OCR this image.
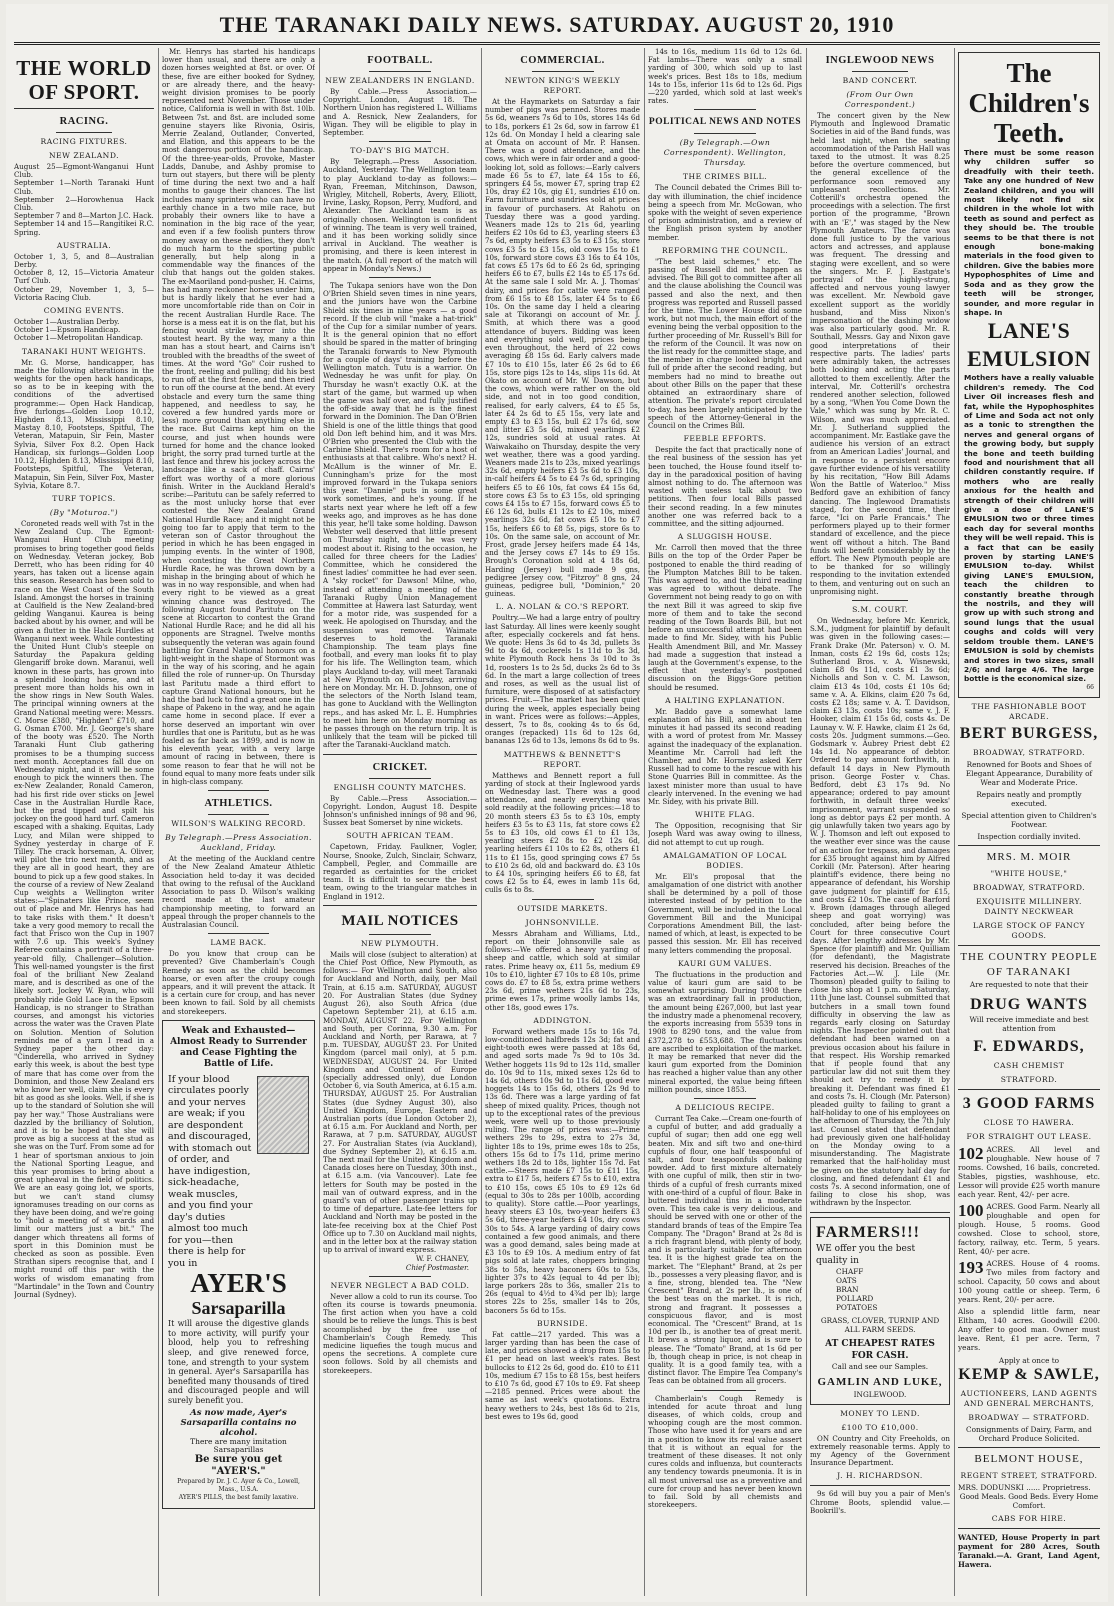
THE TARANAKI DAILY NEWS. SATURDAY. AUGUST 20, 1910
THE WORLD OF SPORT.
RACING.
RACING FIXTURES.
NEW ZEALAND.
August 25—Egmont-Wanganui Hunt Club.
September 1—North Taranaki Hunt Club.
September 2—Horowhenua Hack Club.
September 7 and 8—Marton J.C. Hack.
September 14 and 15—Rangitikei R.C. Spring.
AUSTRALIA.
October 1, 3, 5, and 8—Australian Derby.
October 8, 12, 15—Victoria Amateur Turf Club.
October 29, November 1, 3, 5—Victoria Racing Club.
COMING EVENTS.
October 1—Australian Derby.
October 1—Epsom Handicap.
October 1—Metropolitan Handicap.
TARANAKI HUNT WEIGHTS.

Mr. G. Morse, handicapper, has made the following alterations in the weights for the open hack handicaps, so as to be in keeping with the conditions of the advertised programme:— Open Hack Handicap, five furlongs—Golden Loop 10.12, Highden 8.13, Mississippi 8.10, Mastay 8.10, Footsteps, Spitful, The Veteran, Matapuin, Sir Fein, Master Sylvia, Silver Fox 8.2. Open Hack Handicap, six furlongs—Golden Loop 10.12, Highden 8.13, Mississippi 8.10, Footsteps, Spitful, The Veteran, Matapuin, Sin Fein, Silver Fox, Master Sylvia, Kotare 8.7.

TURF TOPICS.
(By "Moturoa.")

Coroneted reads well with 7st in the New Zealand Cup. The Egmont-Wanganui Hunt Club meeting promises to bring together good fields on Wednesday. Veteran jockey, Bob Derrett, who has been riding for 40 years, has taken out a license again this season. Research has been sold to race on the West Coast of the South Island. Amongst the horses in training at Caulfield is the New Zealand-bred gelding Wanganui. Kaurea is being backed about by his owner, and will be given a flutter in the Hack Hurdles at Wanganui next week. While contesting the United Hunt Club's steeple on Saturday the Papakura gelding Glengariff broke down. Maranui, well known in these parts, has grown into a splendid looking horse, and at present more than holds his own in the show rings in New South Wales. The principal winning owners at the Grand National meeting were: Messrs. C. Morse £380, "Highden" £710, and G. Osman £700. Mr. J. George's share of the booty was £520. The North Taranaki Hunt Club gathering promises to be a thumping success next month. Acceptances fall due on Wednesday night, and it will be some enough to pick the winners then. The ex-New Zealander, Ronald Cameron, had his first ride over sticks on Jewel Case in the Australian Hurdle Race, but the prad tipped and spilt his jockey on the good hard turf. Cameron escaped with a shaking. Equitas, Lady Lucy, and Milan were shipped to Sydney yesterday in charge of F. Tilley. The crack horseman, A. Oliver, will pilot the trio next month, and as they are all in good heart, they are bound to pick up a few good stakes. In the course of a review of New Zealand Cup weights a Wellington writer states:—"Spinaters like Prince, seem out of place and Mr. Henrys has had to take risks with them." It doesn't take a very good memory to recall the fact that Frisco won the Cup in 1907 with 7.6 up. This week's Sydney Referee contains a portrait of a three-year-old filly, Challenger—Solution. This well-named youngster is the first foal of the brilliant New Zealand mare, and is described as one of the likely sort. Jockey W. Ryan, who will probably ride Gold Lace in the Epsom Handicap, is no stranger to Strathan courses, and amongst his victories across the water was the Craven Plate on Solution. Mention of Solution reminds me of a yarn I read in a Sydney paper the other day: "Cinderella, who arrived in Sydney early this week, is about the best type of mare that has come over from the Dominion, and those New Zealand ers who know her well, claim she is every bit as good as she looks. Well, if she is up to the standard of Solution she will pay her way." Those Australians were dazzled by the brilliancy of Solution, and it is to be hoped that she will prove as big a success at the stud as she was on the Turf. From some ad for 1 hear of sportsman anxious to join the National Sporting League, and this year promises to bring about a great upheaval in the field of politics. We are an easy going lot, we sports, but we can't stand clumsy ignoramuses treading on our corns as they have been doing, and we're going to "hold a meeting of st wards and limit our matters just a bit." The danger which threatens all forms of sport in this Dominion must be checked as soon as possible. Even Strathan sipers recognise that, and I might round off this par with the works of wisdom emanating from "Martindale" in the Town and Country Journal (Sydney).

Mr. Henrys has started his handicaps lower than usual, and there are only a dozen horses weighted at 8st. or over. Of these, five are either booked for Sydney, or are already there, and the heavy-weight division promises to be poorly represented next November. Those under notice, California is well in with 8st. 10lb. Between 7st. and 8st. are included some genuine stayers like Rivonia, Osiris, Merrie Zealand, Outlander, Converted, and Elation, and this appears to be the most dangerous portion of the handicap. Of the three-year-olds, Provoke, Master Ladds, Danube, and Ashby promise to turn out stayers, but there will be plenty of time during the next two and a half months to gauge their chances. The list includes many sprinters who can have no earthly chance in a two mile race, but probably their owners like to have a nomination in the big race of the year, and even if a few foolish punters throw money away on these neddies, they don't do much harm to the sporting public generally, but help along in a commendable way the finances of the club that hangs out the golden stakes. The ex-Maoriland pond-pusher, H. Cairns, has had many reckoner horses under him, but is hardly likely that he ever had a more uncomfortable ride than on Coir in the recent Australian Hurdle Race. The horse is a mess eat it is on the flat, but his fencing would strike terror into the stoutest heart. By the way, many a thin man has a stout heart, and Cairns isn't troubled with the breadths of the sweet of times. At the word "Go" Coir rushed to the front, reeling and pulling; did his best to run off at the first fence, and then tried to run off the course at the bend. At every obstacle and every turn the same thing happened, and needless to say, he covered a few hundred yards more or less) more ground than anything else in the race. But Cairns kept him on the course, and just when hounds were turned for home and the chance looked bright, the sorry prad turned turtle at the last fence and threw his jockey across the landscape like a sack of chaff. Cairns' effort was worthy of a more glorious finish. Writer in the Auckland Herald's scribe:—Paritutu can be safely referred to as the most unlucky horse that ever contested the New Zealand Grand National Hurdle Race; and it might not be going too far to apply that term to the veteran son of Castor throughout the period in which he has been engaged in jumping events. In the winter of 1908, when contesting the Great Northern Hurdle Race, he was thrown down by a mishap in the bringing about of which he was in no way responsible, and when had every right to be viewed as a great winning chance was destroyed. The following August found Paritutu on the scene at Riccarton to contest the Grand National Hurdle Race; and he did all his opponents are Stragnel. Twelve months subsequently the veteran was again found battling for Grand National honours on a light-weight in the shape of Stormont was in the way of his scoring, and he again filled the role of runner-up. On Thursday last Paritutu made a third effort to capture Grand National honours, but he had the bad luck to find a great one in the shape of Pakeno in the way, and he again came home in second place. If ever a horse deserved an important win over hurdles that one is Paritutu, but as he was foaled as far back as 1899, and is now in his eleventh year, with a very large amount of racing in between, there is some reason to fear that he will not be found equal to many more feats under silk in high-class company.

ATHLETICS.
WILSON'S WALKING RECORD.
By Telegraph.—Press Association. Auckland, Friday.

At the meeting of the Auckland centre of the New Zealand Amateur Athletic Association held to-day it was decided that owing to the refusal of the Auckland Association to pass D. Wilson's walking record made at the last amateur championship meeting, to forward an appeal through the proper channels to the Australasian Council.

LAME BACK.

Do you know that croup can be prevented? Give Chamberlain's Cough Remedy as soon as the child becomes hoarse, or even after the croupy cough appears, and it will prevent the attack. It is a certain cure for croup, and has never been known to fail. Sold by all chemists and storekeepers.

Weak and Exhausted—Almost Ready to Surrender and Cease Fighting the Battle of Life.
If your blood circulates poorly and your nerves are weak; if you are despondent and discouraged, with stomach out of order, and have indigestion, sick-headache, weak muscles, and you find your day's duties almost too much for you—then there is help for you in
AYER'S
Sarsaparilla
It will arouse the digestive glands to more activity, will purify your blood, help you to refreshing sleep, and give renewed force, tone, and strength to your system in general. Ayer's Sarsaparilla has benefited many thousands of tired and discouraged people and will surely benefit you.
As now made, Ayer's Sarsaparilla contains no alcohol.
There are many imitation Sarsaparillas
Be sure you get "AYER'S."
Prepared by Dr. J. C. Ayer & Co., Lowell, Mass., U.S.A.
AYER'S PILLS, the best family laxative.
FOOTBALL.
NEW ZEALANDERS IN ENGLAND.

By Cable.—Press Association.—Copyright. London, August 18. The Northern Union has registered L. Williams and A. Resnick, New Zealanders, for Wigan. They will be eligible to play in September.

TO-DAY'S BIG MATCH.

By Telegraph.—Press Association. Auckland, Yesterday. The Wellington team to play Auckland to-day as follows:— Ryan, Freeman, Mitchinson, Dawson, Wrigley, Mitchell, Roberts, Avery, Elliott, Irvine, Lasky, Ropson, Perry, Mudford, and Alexander. The Auckland team is as originally chosen. Wellington is confident of winning. The team is very well trained, and it has been working solidly since arrival in Auckland. The weather is promising, and there is keen interest in the match. (A full report of the match will appear in Monday's News.)

The Tukapa seniors have won the Don O'Brien Shield seven times in nine years, and the juniors have won the Carbine Shield six times in nine years — a good record. If the club will "make a hat-trick" of the Cup for a similar number of years. It is the general opinion that no effort should be spared in the matter of bringing the Taranaki forwards to New Plymouth for a couple of days' training before the Wellington match. Tutu is a warrior. On Wednesday he was unfit for play. On Thursday he wasn't exactly O.K. at the start of the game, but warmed up when the game was half over, and fully justified the off-side away that he is the finest forward in the Dominion. The Dan O'Brien Shield is one of the little things that good old Don left behind him, and it was Mrs. O'Brien who presented the Club with the Carbine Shield. There's room for a host of enthusiasts at that calibre. Who's next? H. McAllum is the winner of Mr. E. Cunningham's prize for the most improved forward in the Tukapa seniors this year. "Dannie" puts in some great work sometimes, and he's young. If he starts next year where he left off a few weeks ago, and improves as he has done this year, he'll take some holding. Dawson Webster well deserved that little present on Thursday night, and he was very modest about it. Rising to the occasion, he called for three cheers for the Ladies' Committee, which he considered the finest ladies' committee he had ever seen. A "sky rocket" for Dawson! Milne, who, instead of attending a meeting of the Taranaki Rugby Union Management Committee at Hawera last Saturday, went for a motor ride, was suspended for a week. He apologised on Thursday, and the suspension was removed. Waimate deserves to hold the Taranaki Championship. The team plays fine football, and every man looks fit to play for his life. The Wellington team, which plays Auckland to-day, will meet Taranaki at New Plymouth on Thursday, arriving here on Monday. Mr. H. D. Johnson, one of the selectors of the North Island team, has gone to Auckland with the Wellington reps., and has asked Mr. L. E. Humphries to meet him here on Monday morning as he passes through on the return trip. It is unlikely that the team will be picked till after the Taranaki-Auckland match.

CRICKET.
ENGLISH COUNTY MATCHES.

By Cable.—Press Association.—Copyright. London, August 18. Despite Johnson's unfinished innings of 98 and 96, Sussex beat Somerset by nine wickets.

SOUTH AFRICAN TEAM.

Capetown, Friday. Faulkner, Vogler, Nourse, Snooke, Zulch, Sinclair, Schwarz, Campbell, Pegler, and Commaille are regarded as certainties for the cricket team. It is difficult to secure the best team, owing to the triangular matches in England in 1912.

MAIL NOTICES
NEW PLYMOUTH.

Mails will close (subject to alteration) at the Chief Post Office, New Plymouth, as follows:— For Wellington and South, also for Auckland and North, daily, per Mail Train, at 6.15 a.m. SATURDAY, AUGUST 20. For Australian States (due Sydney August 26), also South Africa (due Capetown September 21), at 6.15 a.m. MONDAY, AUGUST 22. For Wellington and South, per Corinna, 9.30 a.m. For Auckland and North, per Rarawa, at 7 p.m. TUESDAY, AUGUST 23. For United Kingdom (parcel mail only), at 5 p.m. WEDNESDAY, AUGUST 24. For United Kingdom and Continent of Europe (specially addressed only), due London October 6, via South America, at 6.15 a.m. THURSDAY, AUGUST 25. For Australian States (due Sydney August 30), also United Kingdom, Europe, Eastern and Australian ports (due London October 2), at 6.15 a.m. For Auckland and North, per Rarawa, at 7 p.m. SATURDAY, AUGUST 27. For Australian States (via Auckland), due Sydney September 2), at 6.15 a.m. The next mail for the United Kingdom and Canada closes here on Tuesday, 30th inst., at 6.15 a.m. (via Vancouver). Late fee letters for South may be posted in the mail van of outward express, and in the guard's van of other passenger trains up to time of departure. Late-fee letters for Auckland and North may be posted in the late-fee receiving box at the Chief Post Office up to 7.30 on Auckland mail nights, and in the letter box at the railway station up to arrival of inward express.

W. F. CHANEY,
Chief Postmaster.
NEVER NEGLECT A BAD COLD.

Never allow a cold to run its course. Too often its course is towards pneumonia. The first action when you have a cold should be to relieve the lungs. This is best accomplished by the free use of Chamberlain's Cough Remedy. This medicine liquefies the tough mucus and opens the secretions. A complete cure soon follows. Sold by all chemists and storekeepers.

COMMERCIAL.
NEWTON KING'S WEEKLY REPORT.

At the Haymarkets on Saturday a fair number of pigs was penned. Stores made 5s 6d, weaners 7s 6d to 10s, stores 14s 6d to 18s, porkers £1 2s 6d, sow in farrow £1 12s 6d. On Monday I held a clearing sale at Omata on account of Mr. P. Hansen. There was a good attendance, and the cows, which were in fair order and a good-looking lot, sold as follows:—Early calvers made £6 5s to £7, late £4 15s to £6, springers £4 5s, mower £7, spring trap £2 10s, dray £2 10s, gig £1, sundries £10 on. Farm furniture and sundries sold at prices in favour of purchasers. At Rahotu on Tuesday there was a good yarding. Weaners made 12s to 21s 6d, yearling heifers £2 10s 6d to £3, yearling steers £3 7s 6d, empty heifers £3 5s to £3 15s, store cows £3 5s to £3 15s, old cows 15s to £1 10s, forward store cows £3 16s to £4 10s, fat cows £5 17s 6d to £6 2s 6d, springing heifers £6 to £7, bulls £2 14s to £5 17s 6d. At the same sale I sold Mr. A. J. Thomas' dairy, and prices for cattle were ranged from £6 15s to £8 15s, later £4 5s to £6 10s. On the same day I held a clearing sale at Tikorangi on account of Mr. J. Smith, at which there was a good attendance of buyers. Bidding was keen and everything sold well, prices being even throughout, the herd of 22 cows averaging £8 15s 6d. Early calvers made £7 10s to £10 15s, later £6 2s 6d to £6 15s, store pigs 12s to 14s, slips 11s 6d. At Okato on account of Mr. W. Dawson, but the cows, which were rather on the old side, and not in too good condition, realised, for early calvers, £4 to £5 5s, later £4 2s 6d to £5 15s, very late and empty £3 to £3 15s, bull £2 17s 6d, sow and litter £3 5s 6d, mixed yearlings £2 12s, sundries sold at usual rates. At Waiwakaiho on Thursday, despite the very wet weather, there was a good yarding. Weaners made 21s to 23s, mixed yearlings 32s 6d, empty heifers £3 5s 6d to £3 10s, in-calf heifers £4 5s to £4 7s 6d, springing heifers £5 to £6 10s, fat cows £4 15s 6d, store cows £3 5s to £3 15s, old springing cows £4 15s to £7 15s, forward cows £5 to £6 12s 6d, bulls £1 12s to £2 10s, mixed yearlings 32s 6d, fat cows £5 10s to £7 15s, heifers £6 to £8 5s, pigs, store 6s to 10s. On the same sale, on account of Mr. Frost, grade Jersey heifers made £4 14s, and the Jersey cows £7 14s to £9 15s. Brough's Coronation sold at 4 18s 6d, Harding (Jersey) bull made 9 gns, pedigree Jersey cow, "Fitzroy" 8 gns, 24 guineas, pedigree bull, "Dominion," 20 guineas.

L. A. NOLAN & CO.'S REPORT.

Poultry.—We had a large entry of poultry last Saturday. All lines were keenly sought after, especially cockerels and fat hens. We quote: Hens 3s 6d to 4s 3d, pullets 3s 9d to 4s 6d, cockerels 1s 11d to 3s 3d, white Plymouth Rock hens 3s 10d to 3s 1d, roosters 1s to 2s 5d, ducks 2s 6d to 3s 6d. In the mart a large collection of trees and roses, as well as the usual list of furniture, were disposed of at satisfactory prices. Fruit.—The market has been quiet during the week, apples especially being in want. Prices were as follows:—Apples, dessert, 7s to 8s, cooking 4s to 6s 6d, oranges (repacked) 11s 6d to 12s 6d, bananas 12s 6d to 13s, lemons 8s 6d to 9s.

MATTHEWS & BENNETT'S REPORT.

Matthews and Bennett report a full yarding of stock at their Inglewood yards on Wednesday last. There was a good attendance, and nearly everything was sold readily at the following prices:—18 to 20 month steers £3 5s to £3 10s, empty heifers £3 5s to £3 11s, fat store cows £2 5s to £3 10s, old cows £1 to £1 13s, yearling steers £2 8s to £2 12s 6d, yearling heifers £1 10s to £2 8s, others £1 11s to £1 15s, good springing cows £7 5s to £10 2s 6d, old and backward do. £3 10s to £4 10s, springing heifers £6 to £8, fat cows £2 5s to £4, ewes in lamb 11s 6d, culls 6s to 8s.

OUTSIDE MARKETS.
JOHNSONVILLE.

Messrs Abraham and Williams, Ltd., report on their Johnsonville sale as follows:—We offered a heavy yarding of sheep and cattle, which sold at similar rates. Prime heavy ox, £11 5s, medium £9 10s to £10, lighter £7 10s to £8 10s, prime cows do. £7 to £8 5s, extra prime wethers 23s 6d, prime wethers 21s 6d to 23s, prime ewes 17s, prime woolly lambs 14s, other 18s, good ewes 17s.

ADDINGTON.

Forward wethers made 15s to 16s 7d, low-conditioned halfbreds 12s 3d; fat and eight-tooth ewes were passed at 18s 6d, and aged sorts made 7s 9d to 10s 3d. Wether hoggets 11s 9d to 12s 11d, smaller do. 10s 9d to 11s, mixed sexes 12s 6d to 14s 6d, others 10s 9d to 11s 6d, good ewe hoggets 14s to 15s 6d, others 12s 9d to 13s 6d. There was a large yarding of fat sheep of mixed quality. Prices, though not up to the exceptional rates of the previous week, were well up to those previously ruling. The range of prices was:—Prime wethers 29s to 29s, extra to 27s 3d, lighter 18s to 19s, prime ewes 18s to 25s, others 15s 6d to 17s 11d, prime merino wethers 18s 2d to 18s, lighter 15s 7d. Fat cattle.—Steers made £7 15s to £11 15s, extra to £17 5s, heifers £7 5s to £10, extra to £10 15s, cows £5 10s to £9 12s 6d (equal to 30s to 28s per 100lb, according to quality). Store cattle.—Poor yearlings, heavy steers £3 10s, two-year heifers £3 5s 6d, three-year heifers £4 10s, dry cows 30s to 54s. A large yarding of dairy cows contained a few good animals, and there was a good demand, sales being made at £3 10s to £9 10s. A medium entry of fat pigs sold at late rates, choppers bringing 38s to 58s, heavy baconers 60s to 53s, lighter 37s to 42s (equal to 4d per lb); large porkers 28s to 36s, smaller 21s to 26s (equal to 4½d to 4¾d per lb); large stores 22s to 25s, smaller 14s to 20s, baconers 5s 6d to 15s.

BURNSIDE.

Fat cattle—217 yarded. This was a larger yarding than has been the case of late, and prices showed a drop from 15s to £1 per head on last week's rates. Best bullocks to £12 2s 6d, good do. £10 to £11 10s, medium £7 15s to £8 15s, best heifers to £10 7s 6d, good £7 10s to £9. Fat sheep—2185 penned. Prices were about the same as last week's quotations. Extra heavy wethers to 24s, best 18s 6d to 21s, best ewes to 19s 6d, good

14s to 16s, medium 11s 6d to 12s 6d. Fat lambs—There was only a small yarding of 300, which sold up to last week's prices. Best 18s to 18s, medium 14s to 15s, inferior 11s 6d to 12s 6d. Pigs—220 yarded, which sold at last week's rates.

POLITICAL NEWS AND NOTES
(By Telegraph.—Own Correspondent). Wellington, Thursday.
THE CRIMES BILL.

The Council debated the Crimes Bill to-day with illumination, the chief incidence being a speech from Mr. McGowan, who spoke with the weight of seven experience of prison administration, and a review of the English prison system by another member.

REFORMING THE COUNCIL.

"The best laid schemes," etc. The passing of Russell did not happen as advised. The Bill got to committee after all and the clause abolishing the Council was passed and also the next, and then progress was reported and Russell passed for the time. The Lower House did some work, but not much, the main effort of the evening being the verbal opposition to the further proceeding of Mr. Russell's Bill for the reform of the Council. It was now on the list ready for the committee stage, and the member in charge looked bright and full of pride after the second reading, but members had no mind to breathe out about other Bills on the paper that these obtained an extraordinary share of attention. The private's report circulated to-day, has been largely anticipated by the speech of the Attorney-General in the Council on the Crimes Bill.

FEEBLE EFFORTS.

Despite the fact that practically none of the real business of the session has yet been touched, the House found itself to-day in the paradoxical position of having almost nothing to do. The afternoon was wasted with useless talk about two petitions. Then four local Bills passed their second reading. In a few minutes another one was referred back to a committee, and the sitting adjourned.

A SLUGGISH HOUSE.

Mr. Carroll then moved that the three Bills on the top of the Order Paper be postponed to enable the third reading of the Plumpton Matches Bill to be taken. This was agreed to, and the third reading was agreed to without debate. The Government not being ready to go on with the next Bill it was agreed to skip five more of them and to take the second reading of the Town Boards Bill, but not before an unsuccessful attempt had been made to find Mr. Sidey, with his Public Health Amendment Bill, and Mr. Massey had made a suggestion that instead a laugh at the Government's expense, to the effect that yesterday's postponed discussion on the Biggs-Gore petition should be resumed.

A HALTING EXPLANATION.

Mr. Baddo gave a somewhat lame explanation of his Bill, and in about ten minutes it had passed its second reading with a word of protest from Mr. Massey against the inadequacy of the explanation. Meantime Mr. Carroll had left the Chamber, and Mr. Hornsby asked Kerr Russell had to come to the rescue with his Stone Quarries Bill in committee. As the laxest minister more than usual to have clearly intervened. In the evening we had Mr. Sidey, with his private Bill.

WHITE FLAG.

The Opposition, recognising that Sir Joseph Ward was away owing to illness, did not attempt to cut up rough.

AMALGAMATION OF LOCAL BODIES.

Mr. Ell's proposal that the amalgamation of one district with another shall be determined by a poll of those interested instead of by petition to the Government, will be included in the Local Government Bill and the Municipal Corporations Amendment Bill, the last-named of which, at least, is expected to be passed this session. Mr. Ell has received many letters commending the proposal.

KAURI GUM VALUES.

The fluctuations in the production and value of kauri gum are said to be somewhat surprising. During 1908 there was an extraordinary fall in production, the amount being £267,000, but last year the industry made a phenomenal recovery, the exports increasing from 5539 tons in 1908 to 8290 tons, and the value from £372,278 to £553,688. The fluctuations are ascribed to exploitation of the market. It may be remarked that never did the kauri gum exported from the Dominion has reached a higher value than any other mineral exported, the value being fifteen million pounds, since 1853.

A DELICIOUS RECIPE.

Currant Tea Cake.—Cream one-fourth of a cupful of butter, and add gradually a cupful of sugar; then add one egg well beaten. Mix and sift two and one-third cupfuls of flour, one half teaspoonful of salt, and four teaspoonfuls of baking powder. Add to first mixture alternately with one cupful of milk, then stir in two-thirds of a cupful of fresh currants mixed with one-third of a cupful of flour. Bake in buttered individual tins in a moderate oven. This tea cake is very delicious, and should be served with one or other of the standard brands of teas of the Empire Tea Company. The "Dragon" Brand at 2s 8d is a rich fragrant blend, with plenty of body, and is particularly suitable for afternoon tea. It is the highest grade tea on the market. The "Elephant" Brand, at 2s per lb., possesses a very pleasing flavor, and is a fine, strong, blended tea. The "New Crescent" Brand, at 2s per lb., is one of the best teas on the market. It is rich, strong and fragrant. It possesses a conspicuous flavor, and is most economical. The "Crescent" Brand, at 1s 10d per lb., is another tea of great merit. It brews a strong liquor, and is sure to please. The "Tomato" Brand, at 1s 6d per lb, though cheap in price, is not cheap in quality. It is a good family tea, with a distinct flavor. The Empire Tea Company's Teas can be obtained from all grocers.

Chamberlain's Cough Remedy is intended for acute throat and lung diseases, of which colds, croup and whooping cough are the most common. Those who have used it for years and are in a position to know its real value assert that it is without an equal for the treatment of these diseases. It not only cures colds and influenza, but counteracts any tendency towards pneumonia. It is in all most universal use as a preventive and cure for croup and has never been known to fail. Sold by all chemists and storekeepers.

INGLEWOOD NEWS
BAND CONCERT.
(From Our Own Correspondent.)

The concert given by the New Plymouth and Inglewood Dramatic Societies in aid of the Band funds, was held last night, when the seating accommodation of the Parish Hall was taxed to the utmost. It was 8.25 before the overture commenced, but the general excellence of the performance soon removed any unpleasant recollections. Mr. Cotterill's orchestra opened the proceedings with a selection. The first portion of the programme, "Brown with an 'E'," was staged by the New Plymouth Amateurs. The farce was done full justice to by the various actors and actresses, and applause was frequent. The dressing and staging were excellent, and so were the singers. Mr. F. J. Eastgate's portrayal of the highly-strung, affected and nervous young lawyer was excellent. Mr. Newbold gave excellent support as the worldly husband, and Miss Nixon's impersonation of the dashing widow was also particularly good. Mr. R. Southall, Messrs. Gay and Nixon gave good interpretations of their respective parts. The ladies' parts were admirably taken, the actresses both looking and acting the parts allotted to them excellently. After the interval, Mr. Cotterill's orchestra rendered another selection, followed by a song, "When You Come Down the Vale," which was sung by Mr. R. C. Wilson, and was much appreciated. Mr. J. Sutherland supplied the accompaniment. Mr. Eastlake gave the audience his version of an extract from an American Ladies' Journal, and in response to a persistent encore gave further evidence of his versatility by his recitation, "How Bill Adams Won the Battle of Waterloo." Miss Bedford gave an exhibition of fancy dancing. The Inglewood Dramatists staged, for the second time, their farce, "Ici on Parle Francais." The performers played up to their former standard of excellence, and the piece went off without a hitch. The Band funds will benefit considerably by the effort. The New Plymouth people are to be thanked for so willingly responding to the invitation extended to them, and venturing out on such an unpromising night.

S.M. COURT.

On Wednesday, before Mr. Kenrick, S.M., judgment for plaintiff by default was given in the following cases:—Frank Drake (Mr. Paterson) v. O. M. Inman, costs £2 19s 6d, costs 12s; Sutherland Bros. v. A. Wisnewski, claim £8 0s 11d, costs £1 3s 6d; Nicholls and Son v. C. M. Lawson, claim £13 4s 10d, costs £1 10s 6d; same v. A. A. Elkins, claim £20 7s 6d, costs £2 18s; same v. A. T. Davidson, claim £3 13s, costs 10s; same v. J. F. Hooker, claim £1 15s 6d, costs 4s. De Launay v. W. F. Hawke, claim £1 2s 6d, costs 20s. Judgment summons.—Geo. Godsmark v. Aubrey Priest debt £2 14s 1d. No appearance of debtor. Ordered to pay amount forthwith, in default 14 days in New Plymouth prison. George Foster v. Chas. Bedford, debt £3 17s 9d. No appearance; ordered to pay amount forthwith, in default three weeks' imprisonment, warrant suspended so long as debtor pays £2 per month. A gig unlawfully taken two years ago by W. J. Thomson and left out exposed to the weather ever since was the cause of an action for trespass, and damages for £35 brought against him by Alfred Corkill (Mr. Paterson). After hearing plaintiff's evidence, there being no appearance of defendant, his Worship gave judgment for plaintiff for £15, and costs £2 10s. The case of Barford v. Brown (damages through alleged sheep and goat worrying) was concluded, after being before the Court for three consecutive Court days. After lengthy addresses by Mr. Spence (for plaintiff) and Mr. Quilliam (for defendant), the Magistrate reserved his decision. Breaches of the Factories Act.—W. J. Lile (Mr. Thomson) pleaded guilty to failing to close his shop at 1 p.m. on Saturday, 11th June last. Counsel submitted that butchers in a small town found difficulty in observing the law as regards early closing on Saturday nights. The Inspector pointed out that defendant had been warned on a previous occasion about his failure in that respect. His Worship remarked that if people found that any particular law did not suit them they should act try to remedy it by breaking it. Defendant was fined £1 and costs 7s. H. Clough (Mr. Paterson) pleaded guilty to failing to grant a half-holiday to one of his employees on the afternoon of Thursday, the 7th July last. Counsel stated that defendant had previously given one half-holiday on the Monday owing to a misunderstanding. The Magistrate remarked that the half-holiday must be given on the statutory half day for closing, and fined defendant £1 and costs 7s. A second information, one of failing to close his shop, was withdrawn by the Inspector.

FARMERS!!!
WE offer you the best quality in
CHAFF
OATS
BRAN
POLLARD
POTATOES
GRASS, CLOVER, TURNIP AND ALL FARM SEEDS.
AT CHEAPEST RATES FOR CASH.
Call and see our Samples.
GAMLIN AND LUKE,
INGLEWOOD.
MONEY TO LEND.
£100 TO £10,000.

ON Country and City Freeholds, on extremely reasonable terms. Apply to my Agency of the Government Insurance Department.

J. H. RICHARDSON.

9s 6d will buy you a pair of Men's Chrome Boots, splendid value.—Bookrill's.

The Children's Teeth.
There must be some reason why children suffer so dreadfully with their teeth. Take any one hundred of New Zealand children, and you will most likely not find six children in the whole lot with teeth as sound and perfect as they should be. The trouble seems to be that there is not enough bone-making materials in the food given to children. Give the babies more Hypophosphites of Lime and Soda and as they grow the teeth will be stronger, sounder, and more regular in shape. In
LANE'S EMULSION
Mothers have a really valuable children's remedy. The Cod Liver Oil increases flesh and fat, while the Hypophosphites of Lime and Soda act not only as a tonic to strengthen the nerves and general organs of the growing body, but supply the bone and teeth building food and nourishment that all children constantly require. If mothers who are really anxious for the health and strength of their children will give a dose of LANE'S EMULSION two or three times each day for several months they will be well repaid. This is a fact that can be easily proven by starting LANE'S EMULSION to-day. Whilst giving LANE'S EMULSION, teach the children to constantly breathe through the nostrils, and they will grow up with such strong and sound lungs that the usual coughs and colds will very seldom trouble them. LANE'S EMULSION is sold by chemists and stores in two sizes, small 2/6; and large 4/6. The large bottle is the economical size.
66
THE FASHIONABLE BOOT ARCADE.
BERT BURGESS,
BROADWAY, STRATFORD.
Renowned for Boots and Shoes of Elegant Appearance, Durability of Wear and Moderate Price.
Repairs neatly and promptly executed.
Special attention given to Children's Footwear.
Inspection cordially invited.
MRS. M. MOIR
"WHITE HOUSE,"
BROADWAY, STRATFORD.
EXQUISITE MILLINERY. DAINTY NECKWEAR
LARGE STOCK OF FANCY GOODS.
THE COUNTRY PEOPLE OF TARANAKI
Are requested to note that their
DRUG WANTS
Will receive immediate and best attention from
F. EDWARDS,
CASH CHEMIST
STRATFORD.
3 GOOD FARMS
CLOSE TO HAWERA.
FOR STRAIGHT OUT LEASE.
102 ACRES. All level and ploughable. New house of 7 rooms. Cowshed, 16 bails, concreted. Stables, pigsties, washhouse, etc. Lessor will provide £25 worth manure each year. Rent, 42/- per acre.
100 ACRES. Good Farm. Nearly all ploughable and open for plough. House, 5 rooms. Good cowshed. Close to school, store, factory, railway, etc. Term, 5 years. Rent, 40/- per acre.
193 ACRES. House of 4 rooms. Two miles from factory and school. Capacity, 50 cows and about 100 young cattle or sheep. Term, 6 years. Rent, 20/- per acre.
Also a splendid little farm, near Eltham, 140 acres. Goodwill £200. Any offer to good man. Owner must leave. Rent, £1 per acre. Term, 7 years.
Apply at once to
KEMP & SAWLE,
AUCTIONEERS, LAND AGENTS AND GENERAL MERCHANTS,
BROADWAY — STRATFORD.
Consignments of Dairy, Farm, and Orchard Produce Solicited.
BELMONT HOUSE,
REGENT STREET, STRATFORD.
MRS. DODUNSKI ...... Proprietress.
Good Meals. Good Beds. Every Home Comfort.
CABS FOR HIRE.
WANTED, House Property in part payment for 280 Acres, South Taranaki.—A. Grant, Land Agent, Hawera.
